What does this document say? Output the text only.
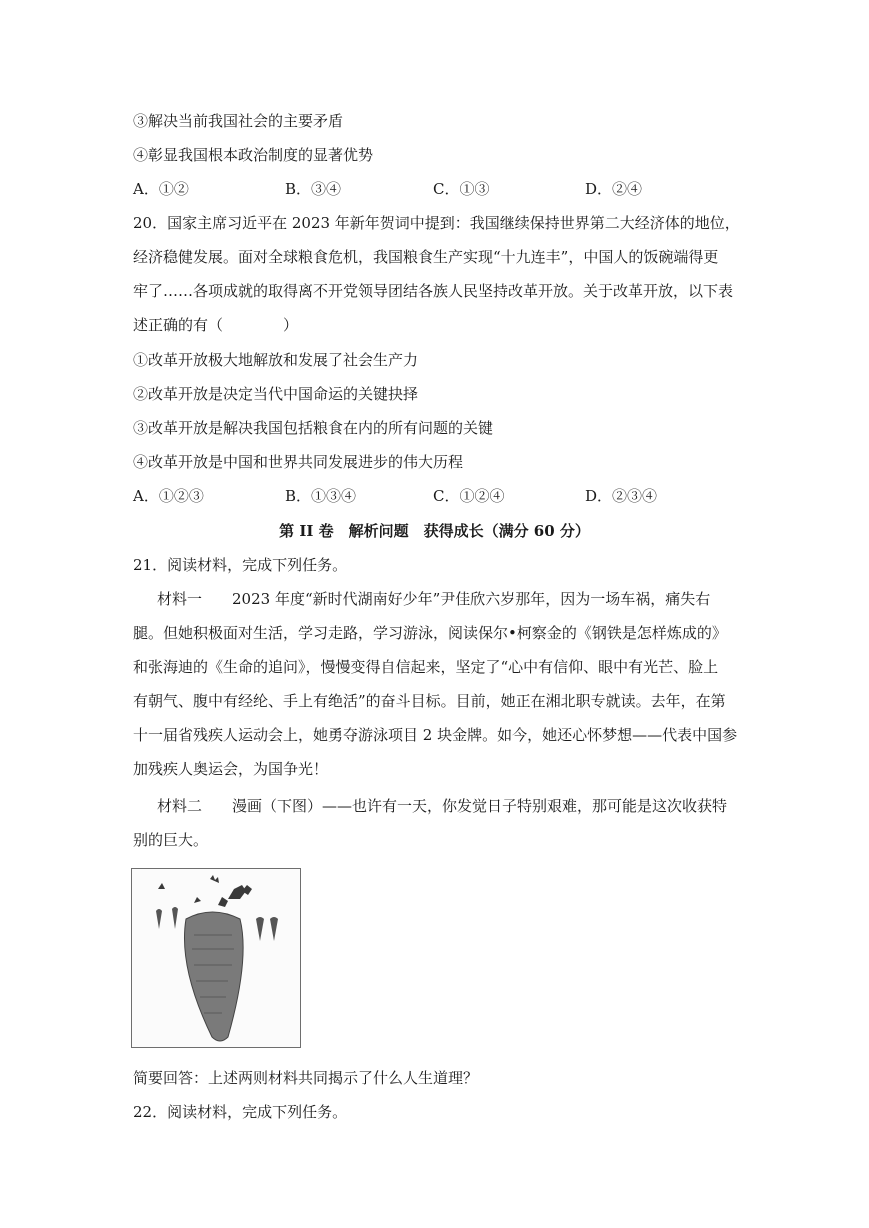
③解决当前我国社会的主要矛盾
④彰显我国根本政治制度的显著优势
A．①②	B．③④	C．①③	D．②④
20．国家主席习近平在 2023 年新年贺词中提到：我国继续保持世界第二大经济体的地位，
经济稳健发展。面对全球粮食危机，我国粮食生产实现“十九连丰”，中国人的饭碗端得更
牢了……各项成就的取得离不开党领导团结各族人民坚持改革开放。关于改革开放，以下表
述正确的有（　　　　）
①改革开放极大地解放和发展了社会生产力
②改革开放是决定当代中国命运的关键抉择
③改革开放是解决我国包括粮食在内的所有问题的关键
④改革开放是中国和世界共同发展进步的伟大历程
A．①②③	B．①③④	C．①②④	D．②③④
第 II 卷　解析问题　获得成长（满分 60 分）
21．阅读材料，完成下列任务。
材料一　　2023 年度“新时代湖南好少年”尹佳欣六岁那年，因为一场车祸，痛失右
腿。但她积极面对生活，学习走路，学习游泳，阅读保尔•柯察金的《钢铁是怎样炼成的》
和张海迪的《生命的追问》，慢慢变得自信起来，坚定了“心中有信仰、眼中有光芒、脸上
有朝气、腹中有经纶、手上有绝活”的奋斗目标。目前，她正在湘北职专就读。去年，在第
十一届省残疾人运动会上，她勇夺游泳项目 2 块金牌。如今，她还心怀梦想——代表中国参
加残疾人奥运会，为国争光！
材料二　　漫画（下图）——也许有一天，你发觉日子特别艰难，那可能是这次收获特
别的巨大。
简要回答：上述两则材料共同揭示了什么人生道理？
22．阅读材料，完成下列任务。
